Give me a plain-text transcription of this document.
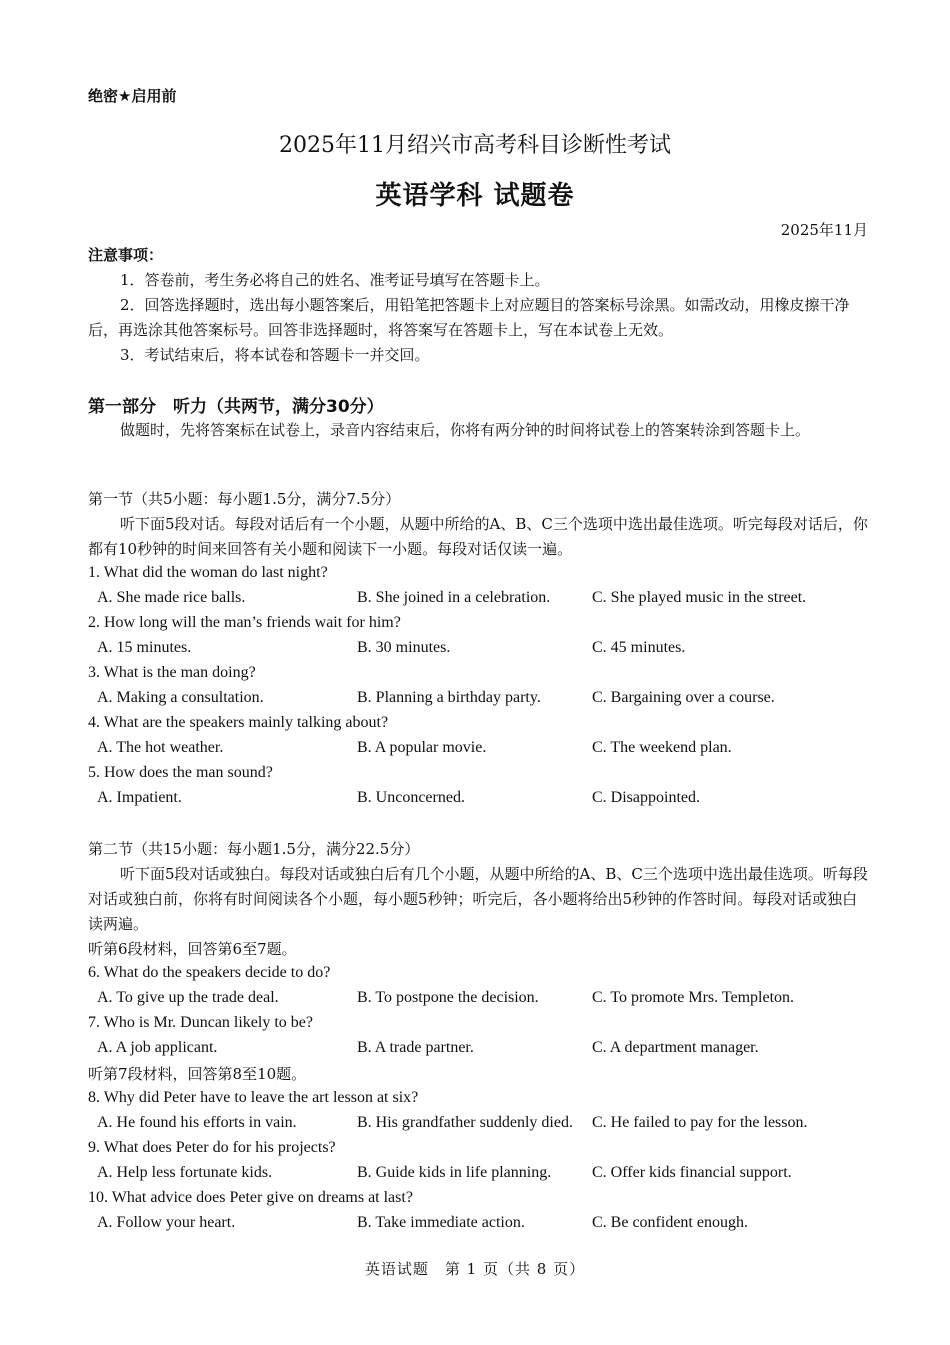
绝密★启用前
2025年11月绍兴市高考科目诊断性考试
英语学科 试题卷
2025年11月
注意事项：
1．答卷前，考生务必将自己的姓名、准考证号填写在答题卡上。
2．回答选择题时，选出每小题答案后，用铅笔把答题卡上对应题目的答案标号涂黑。如需改动，用橡皮擦干净后，再选涂其他答案标号。回答非选择题时，将答案写在答题卡上，写在本试卷上无效。
3．考试结束后，将本试卷和答题卡一并交回。
第一部分　听力（共两节，满分30分）
做题时，先将答案标在试卷上，录音内容结束后，你将有两分钟的时间将试卷上的答案转涂到答题卡上。
第一节（共5小题：每小题1.5分，满分7.5分）
听下面5段对话。每段对话后有一个小题，从题中所给的A、B、C三个选项中选出最佳选项。听完每段对话后，你都有10秒钟的时间来回答有关小题和阅读下一小题。每段对话仅读一遍。
1. What did the woman do last night?
A. She made rice balls.	B. She joined in a celebration.	C. She played music in the street.
2. How long will the man’s friends wait for him?
A. 15 minutes.	B. 30 minutes.	C. 45 minutes.
3. What is the man doing?
A. Making a consultation.	B. Planning a birthday party.	C. Bargaining over a course.
4. What are the speakers mainly talking about?
A. The hot weather.	B. A popular movie.	C. The weekend plan.
5. How does the man sound?
A. Impatient.	B. Unconcerned.	C. Disappointed.
第二节（共15小题：每小题1.5分，满分22.5分）
听下面5段对话或独白。每段对话或独白后有几个小题，从题中所给的A、B、C三个选项中选出最佳选项。听每段对话或独白前，你将有时间阅读各个小题，每小题5秒钟；听完后，各小题将给出5秒钟的作答时间。每段对话或独白读两遍。
听第6段材料，回答第6至7题。
6. What do the speakers decide to do?
A. To give up the trade deal.	B. To postpone the decision.	C. To promote Mrs. Templeton.
7. Who is Mr. Duncan likely to be?
A. A job applicant.	B. A trade partner.	C. A department manager.
听第7段材料，回答第8至10题。
8. Why did Peter have to leave the art lesson at six?
A. He found his efforts in vain.	B. His grandfather suddenly died. C. He failed to pay for the lesson.
9. What does Peter do for his projects?
A. Help less fortunate kids.	B. Guide kids in life planning.	C. Offer kids financial support.
10. What advice does Peter give on dreams at last?
A. Follow your heart.	B. Take immediate action.	C. Be confident enough.
英语试题　第 1 页（共 8 页）
